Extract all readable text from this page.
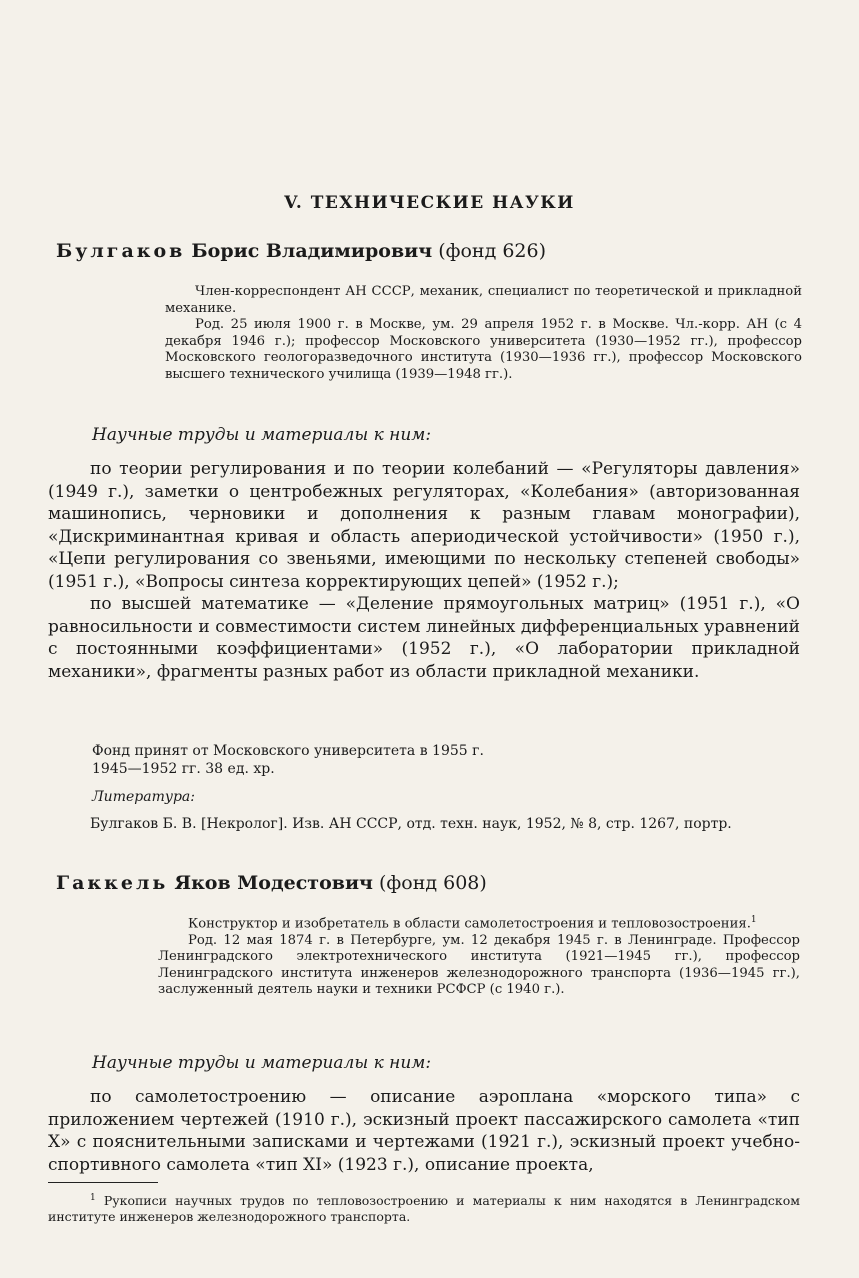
V. ТЕХНИЧЕСКИЕ НАУКИ
Булгаков Борис Владимирович (фонд 626)

Член-корреспондент АН СССР, механик, специалист по теоретической и прикладной механике.

Род. 25 июля 1900 г. в Москве, ум. 29 апреля 1952 г. в Москве. Чл.-корр. АН (с 4 декабря 1946 г.); профессор Московского университета (1930—1952 гг.), профессор Московского геологоразведочного института (1930—1936 гг.), профессор Московского высшего технического училища (1939—1948 гг.).

Научные труды и материалы к ним:

по теории регулирования и по теории колебаний — «Регуляторы давления» (1949 г.), заметки о центробежных регуляторах, «Колебания» (авторизованная машинопись, черновики и дополнения к разным главам монографии), «Дискриминантная кривая и область апериодической устойчивости» (1950 г.), «Цепи регулирования со звеньями, имеющими по нескольку степеней свободы» (1951 г.), «Вопросы синтеза корректирующих цепей» (1952 г.);

по высшей математике — «Деление прямоугольных матриц» (1951 г.), «О равносильности и совместимости систем линейных дифференциальных уравнений с постоянными коэффициентами» (1952 г.), «О лаборатории прикладной механики», фрагменты разных работ из области прикладной механики.

Фонд принят от Московского университета в 1955 г.
1945—1952 гг. 38 ед. хр.
Литература:
Булгаков Б. В. [Некролог]. Изв. АН СССР, отд. техн. наук, 1952, № 8, стр. 1267, портр.
Гаккель Яков Модестович (фонд 608)

Конструктор и изобретатель в области самолетостроения и тепловозостроения.$^1$

Род. 12 мая 1874 г. в Петербурге, ум. 12 декабря 1945 г. в Ленинграде. Профессор Ленинградского электротехнического института (1921—1945 гг.), профессор Ленинградского института инженеров железнодорожного транспорта (1936—1945 гг.), заслуженный деятель науки и техники РСФСР (с 1940 г.).

Научные труды и материалы к ним:

по самолетостроению — описание аэроплана «морского типа» с приложением чертежей (1910 г.), эскизный проект пассажирского самолета «тип X» с пояснительными записками и чертежами (1921 г.), эскизный проект учебно-спортивного самолета «тип XI» (1923 г.), описание проекта,

$^1$ Рукописи научных трудов по тепловозостроению и материалы к ним находятся в Ленинградском институте инженеров железнодорожного транспорта.
